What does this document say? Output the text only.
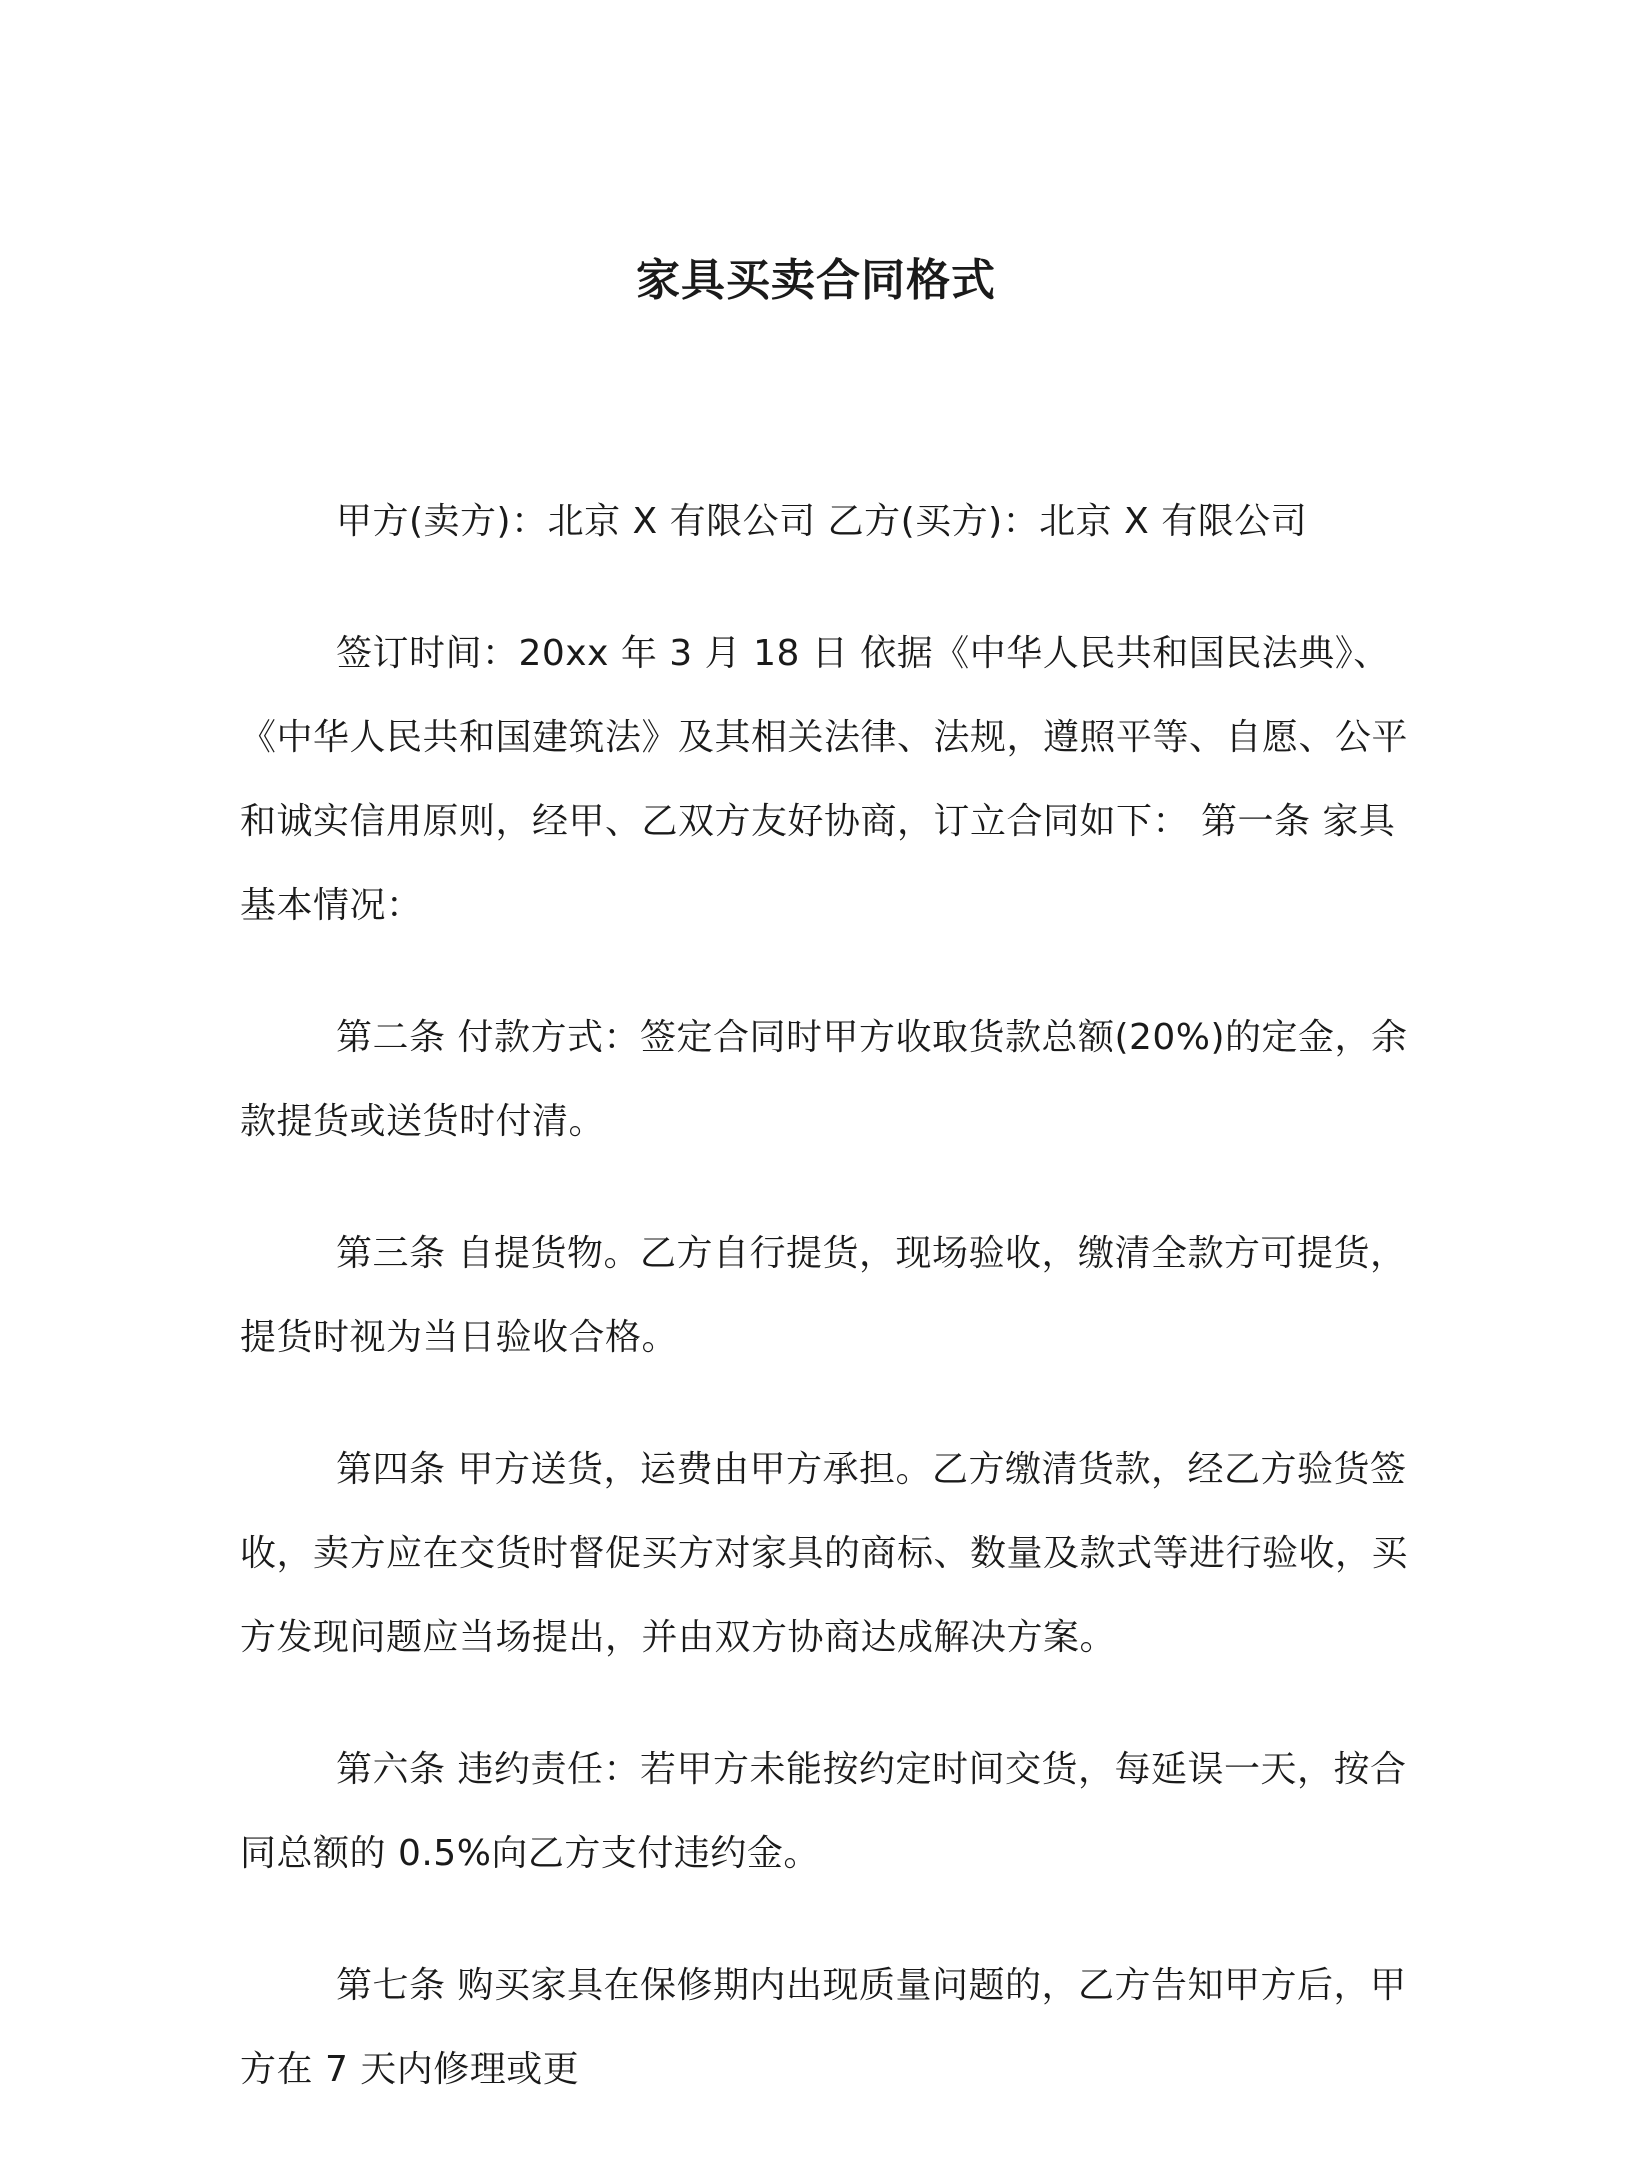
家具买卖合同格式

甲方(卖方)：北京 X 有限公司 乙方(买方)：北京 X 有限公司

签订时间：20xx 年 3 月 18 日 依据《中华人民共和国民法典》、《中华人民共和国建筑法》及其相关法律、法规，遵照平等、自愿、公平和诚实信用原则，经甲、乙双方友好协商，订立合同如下： 第一条 家具基本情况：

第二条 付款方式：签定合同时甲方收取货款总额(20%)的定金，余款提货或送货时付清。

第三条 自提货物。乙方自行提货，现场验收，缴清全款方可提货，提货时视为当日验收合格。

第四条 甲方送货，运费由甲方承担。乙方缴清货款，经乙方验货签收，卖方应在交货时督促买方对家具的商标、数量及款式等进行验收，买方发现问题应当场提出，并由双方协商达成解决方案。

第六条 违约责任：若甲方未能按约定时间交货，每延误一天，按合同总额的 0.5%向乙方支付违约金。

第七条 购买家具在保修期内出现质量问题的，乙方告知甲方后，甲方在 7 天内修理或更
